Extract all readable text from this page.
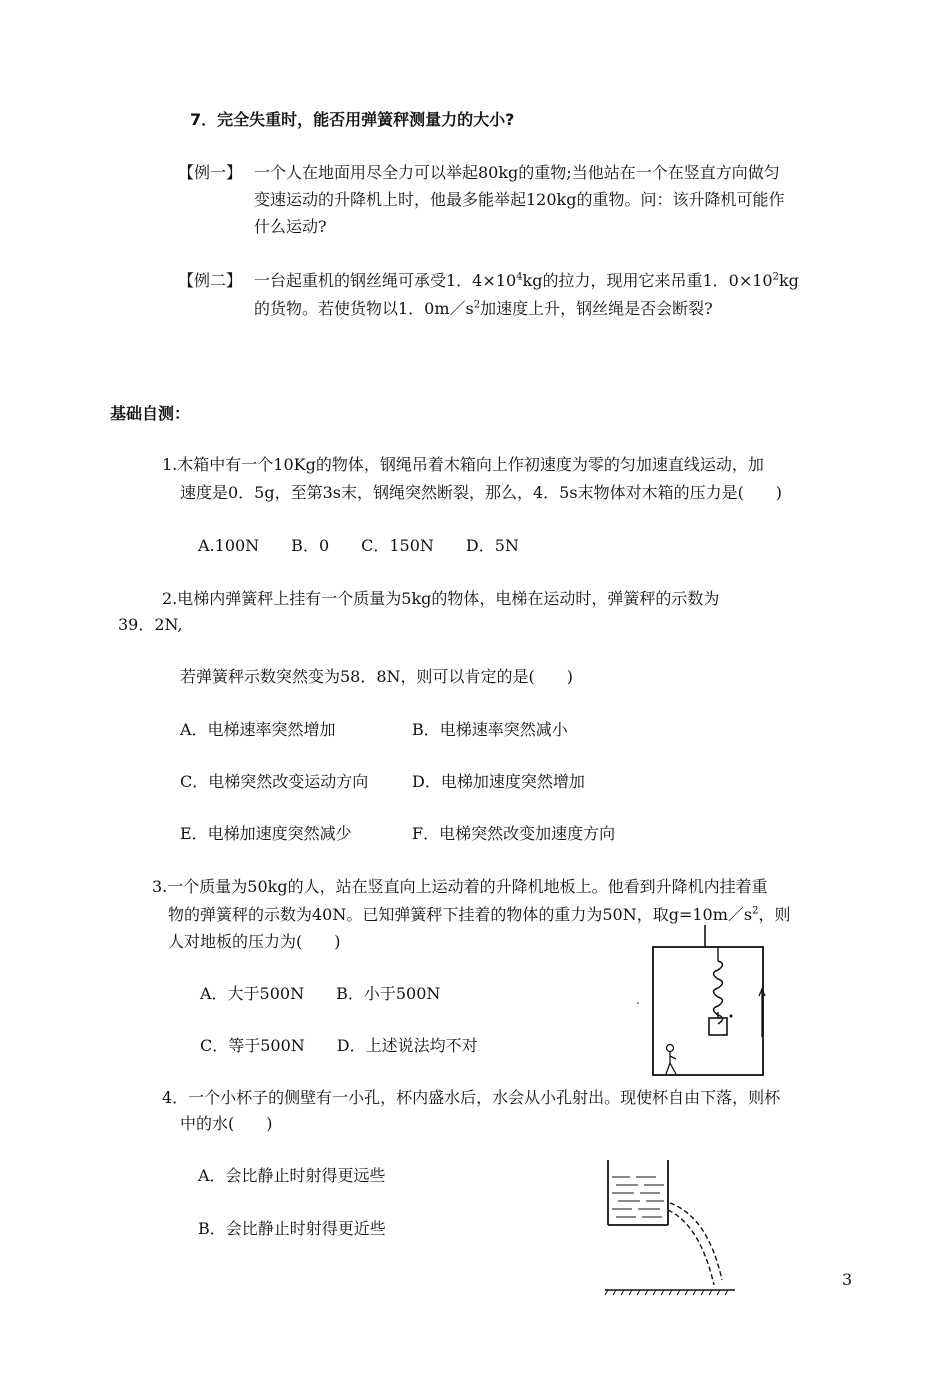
7．完全失重时，能否用弹簧秤测量力的大小?
【例一】 一个人在地面用尽全力可以举起80kg的重物;当他站在一个在竖直方向做匀
变速运动的升降机上时，他最多能举起120kg的重物。问：该升降机可能作
什么运动?
【例二】 一台起重机的钢丝绳可承受1．$4\times 10^4kg$的拉力，现用它来吊重1．$0\times 10^2kg$
的货物。若使货物以1．$0m/s^2$加速度上升，钢丝绳是否会断裂?
基础自测：
1.木箱中有一个10Kg的物体，钢绳吊着木箱向上作初速度为零的匀加速直线运动，加
速度是0．5g，至第3s末，钢绳突然断裂，那么，4．5s末物体对木箱的压力是(　　)
A.100N　　B．0　　C．150N　　D．5N
2.电梯内弹簧秤上挂有一个质量为5kg的物体，电梯在运动时，弹簧秤的示数为
39．2N,
若弹簧秤示数突然变为58．8N，则可以肯定的是(　　)
A．电梯速率突然增加	B．电梯速率突然减小
C．电梯突然改变运动方向	D．电梯加速度突然增加
E．电梯加速度突然减少	F．电梯突然改变加速度方向
3.一个质量为50kg的人，站在竖直向上运动着的升降机地板上。他看到升降机内挂着重
物的弹簧秤的示数为40N。已知弹簧秤下挂着的物体的重力为50N，取$g=10m/s^2$，则
人对地板的压力为(　　)
A．大于500N　　B．小于500N
C．等于500N　　D．上述说法均不对
4．一个小杯子的侧壁有一小孔，杯内盛水后，水会从小孔射出。现使杯自由下落，则杯
中的水(　　)
A．会比静止时射得更远些
B．会比静止时射得更近些
3
